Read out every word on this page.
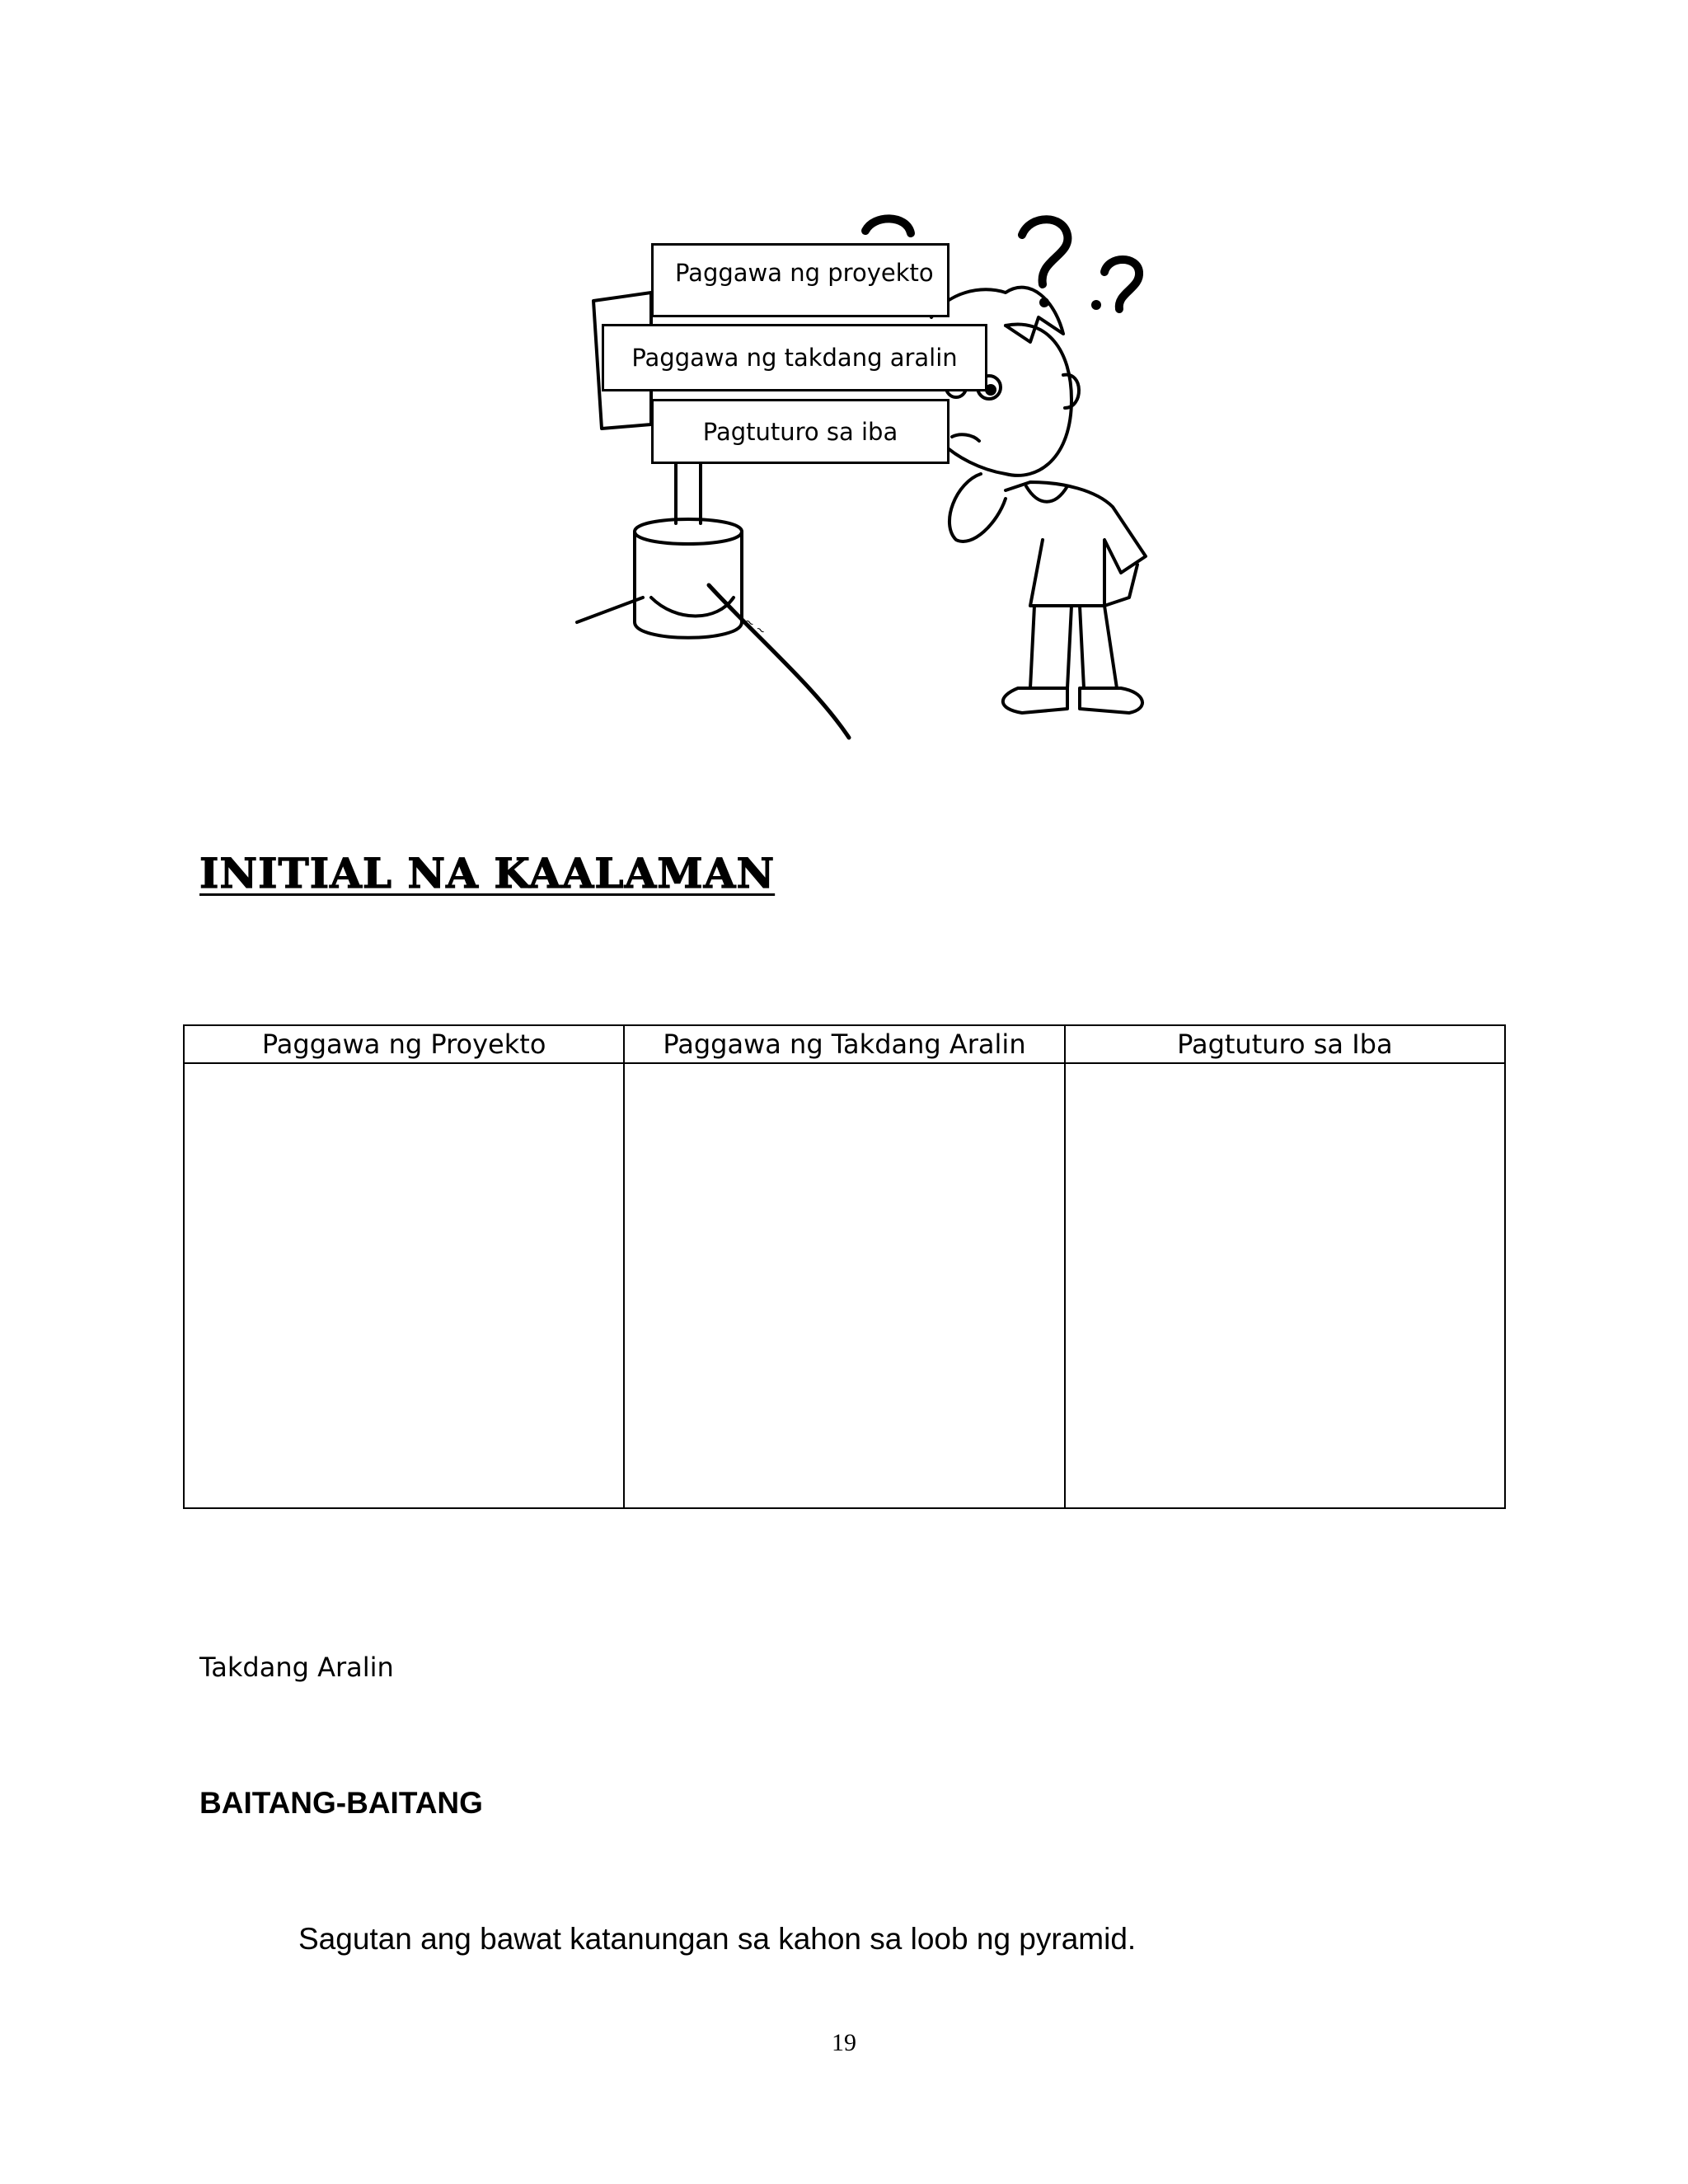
~ ~ ~
Paggawa ng proyekto
Paggawa ng takdang aralin
Pagtuturo sa iba
INITIAL NA KAALAMAN
Paggawa ng Proyekto	Paggawa ng Takdang Aralin	Pagtuturo sa Iba

Takdang Aralin
BAITANG-BAITANG
Sagutan ang bawat katanungan sa kahon sa loob ng pyramid.
19
